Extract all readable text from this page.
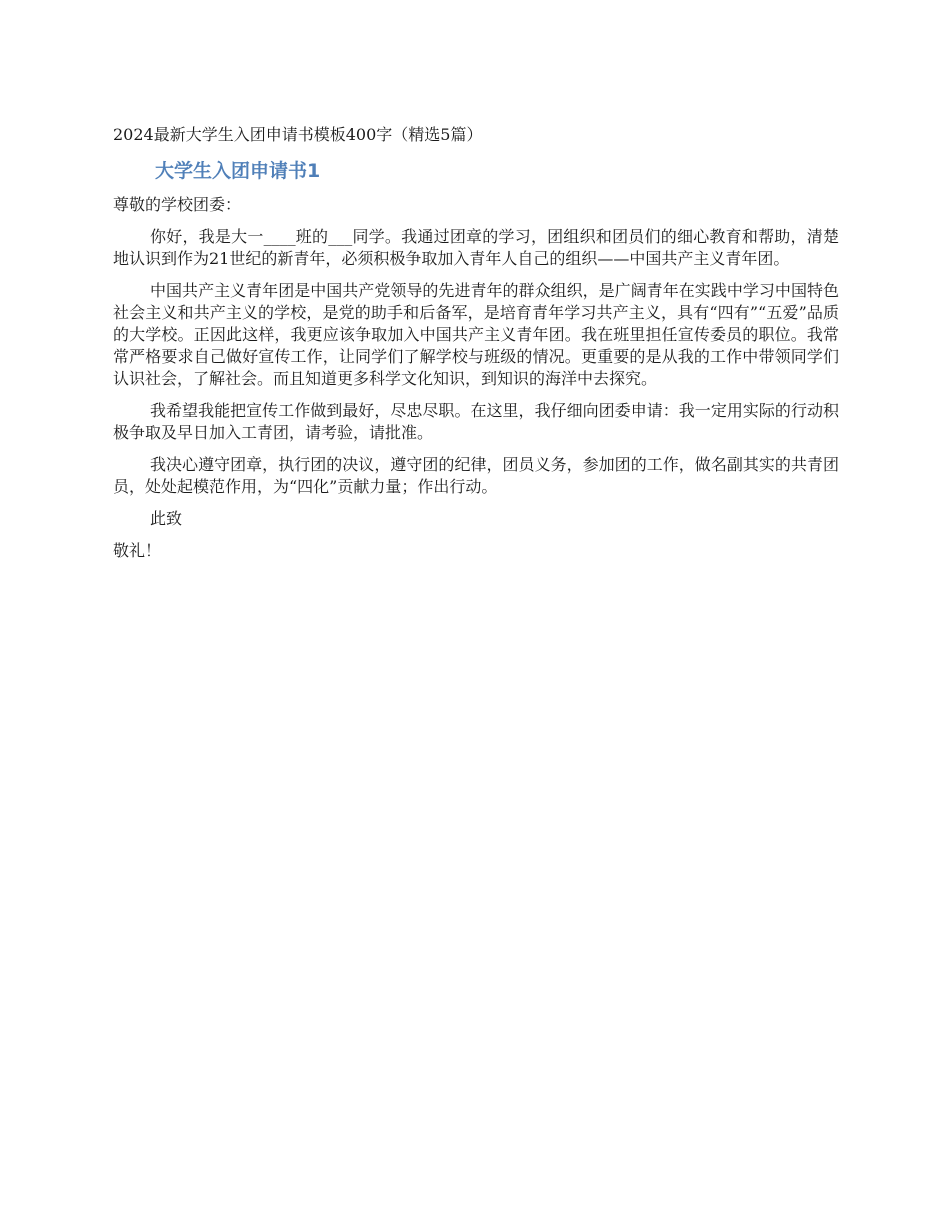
2024最新大学生入团申请书模板400字（精选5篇）

大学生入团申请书1

尊敬的学校团委：

你好，我是大一____班的___同学。我通过团章的学习，团组织和团员们的细心教育和帮助，清楚地认识到作为21世纪的新青年，必须积极争取加入青年人自己的组织——中国共产主义青年团。

中国共产主义青年团是中国共产党领导的先进青年的群众组织，是广阔青年在实践中学习中国特色社会主义和共产主义的学校，是党的助手和后备军，是培育青年学习共产主义，具有“四有”“五爱”品质的大学校。正因此这样，我更应该争取加入中国共产主义青年团。我在班里担任宣传委员的职位。我常常严格要求自己做好宣传工作，让同学们了解学校与班级的情况。更重要的是从我的工作中带领同学们认识社会，了解社会。而且知道更多科学文化知识，到知识的海洋中去探究。

我希望我能把宣传工作做到最好，尽忠尽职。在这里，我仔细向团委申请：我一定用实际的行动积极争取及早日加入工青团，请考验，请批准。

我决心遵守团章，执行团的决议，遵守团的纪律，团员义务，参加团的工作，做名副其实的共青团员，处处起模范作用，为“四化”贡献力量；作出行动。

此致

敬礼！
